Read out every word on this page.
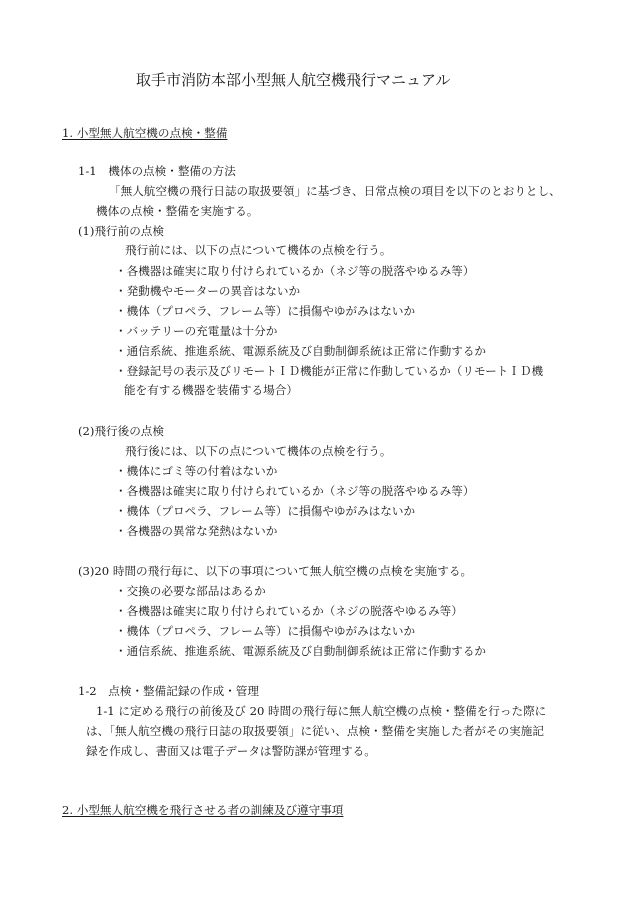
取手市消防本部小型無人航空機飛行マニュアル
1. 小型無人航空機の点検・整備
1-1　機体の点検・整備の方法
「無人航空機の飛行日誌の取扱要領」に基づき、日常点検の項目を以下のとおりとし、
機体の点検・整備を実施する。
(1)飛行前の点検
飛行前には、以下の点について機体の点検を行う。
・各機器は確実に取り付けられているか（ネジ等の脱落やゆるみ等）
・発動機やモーターの異音はないか
・機体（プロペラ、フレーム等）に損傷やゆがみはないか
・バッテリーの充電量は十分か
・通信系統、推進系統、電源系統及び自動制御系統は正常に作動するか
・登録記号の表示及びリモートＩＤ機能が正常に作動しているか（リモートＩＤ機
能を有する機器を装備する場合）
(2)飛行後の点検
飛行後には、以下の点について機体の点検を行う。
・機体にゴミ等の付着はないか
・各機器は確実に取り付けられているか（ネジ等の脱落やゆるみ等）
・機体（プロペラ、フレーム等）に損傷やゆがみはないか
・各機器の異常な発熱はないか
(3)20 時間の飛行毎に、以下の事項について無人航空機の点検を実施する。
・交換の必要な部品はあるか
・各機器は確実に取り付けられているか（ネジの脱落やゆるみ等）
・機体（プロペラ、フレーム等）に損傷やゆがみはないか
・通信系統、推進系統、電源系統及び自動制御系統は正常に作動するか
1-2　点検・整備記録の作成・管理
1-1 に定める飛行の前後及び 20 時間の飛行毎に無人航空機の点検・整備を行った際に
は、「無人航空機の飛行日誌の取扱要領」に従い、点検・整備を実施した者がその実施記
録を作成し、書面又は電子データは警防課が管理する。
2. 小型無人航空機を飛行させる者の訓練及び遵守事項
